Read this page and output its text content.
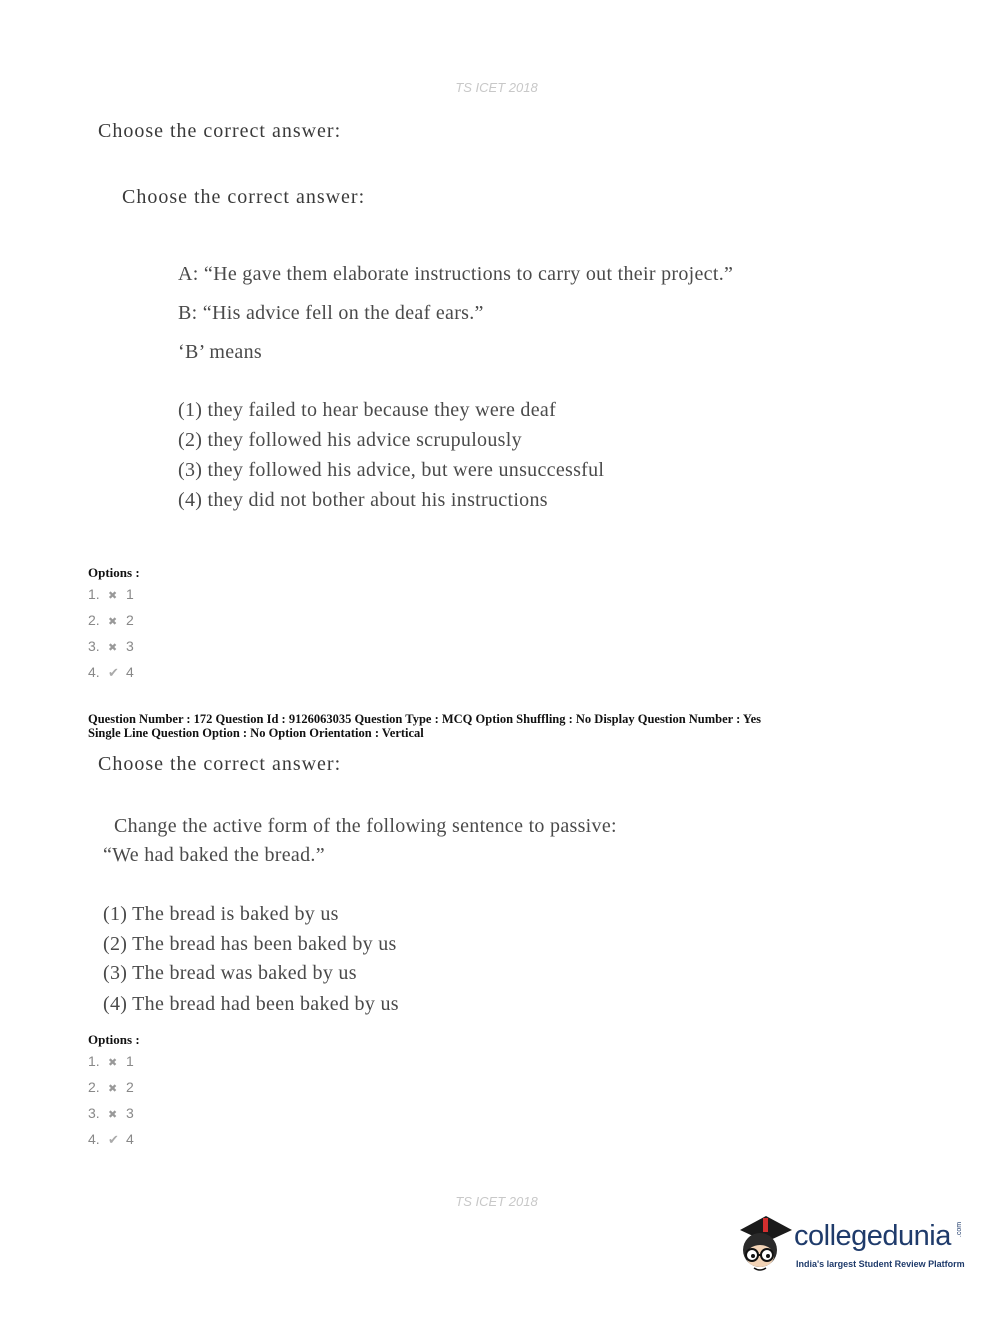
TS ICET 2018
Choose the correct answer:
Choose the correct answer:
A: “He gave them elaborate instructions to carry out their project.”
B: “His advice fell on the deaf ears.”
‘B’ means
(1) they failed to hear because they were deaf
(2) they followed his advice scrupulously
(3) they followed his advice, but were unsuccessful
(4) they did not bother about his instructions
Options :
1. ✖ 1
2. ✖ 2
3. ✖ 3
4. ✔ 4
Question Number : 172 Question Id : 9126063035 Question Type : MCQ Option Shuffling : No Display Question Number : Yes
Single Line Question Option : No Option Orientation : Vertical
Choose the correct answer:
Change the active form of the following sentence to passive:
“We had baked the bread.”
(1) The bread is baked by us
(2) The bread has been baked by us
(3) The bread was baked by us
(4) The bread had been baked by us
Options :
1. ✖ 1
2. ✖ 2
3. ✖ 3
4. ✔ 4
TS ICET 2018
collegedunia .com
India's largest Student Review Platform
